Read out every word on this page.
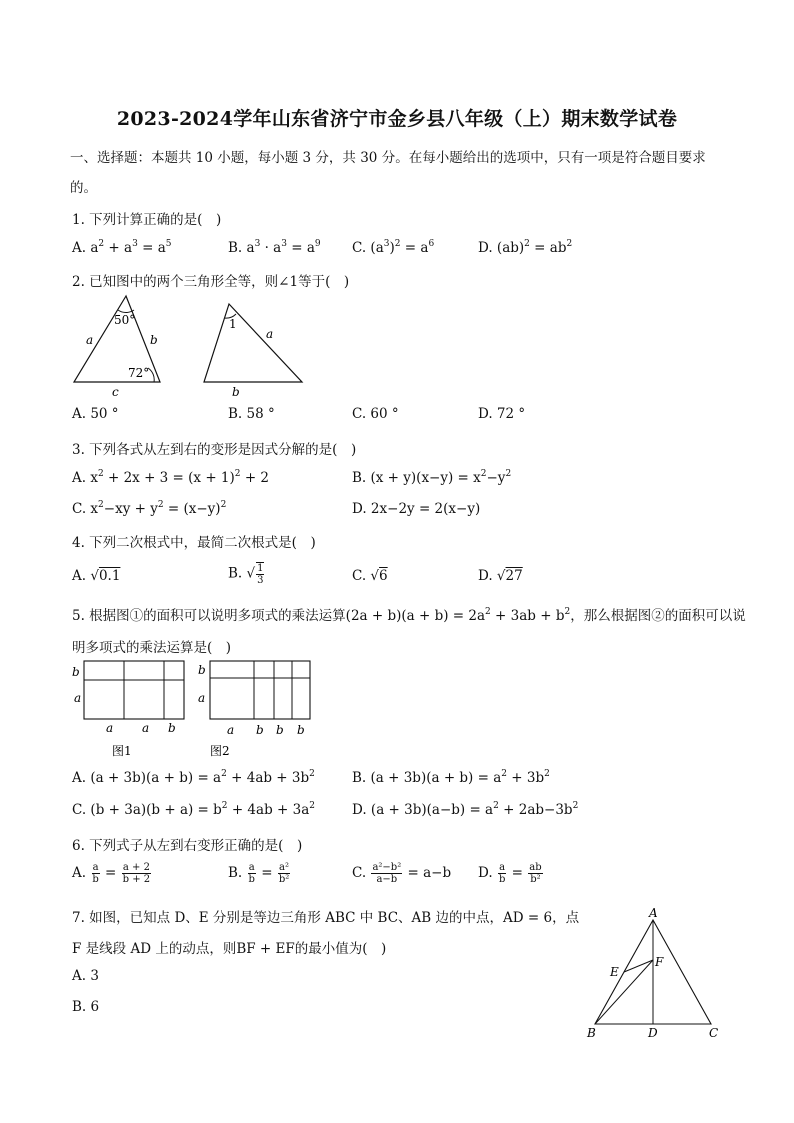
2023-2024学年山东省济宁市金乡县八年级（上）期末数学试卷
一、选择题：本题共 10 小题，每小题 3 分，共 30 分。在每小题给出的选项中，只有一项是符合题目要求
的。
1. 下列计算正确的是(　)
A. $a^2 + a^3 = a^5$	B. $a^3 \cdot a^3 = a^9$ C. $(a^3)^2 = a^6$	D. $(ab)^2 = ab^2$
2. 已知图中的两个三角形全等，则∠1等于(　)
50°
72°
a	b
c
1
a
b
A. 50 °	B. 58 °	C. 60 °	D. 72 °
3. 下列各式从左到右的变形是因式分解的是(　)
A. $x^2 + 2x + 3 = (x + 1)^2 + 2$	B. $(x + y)(x-y) = x^2-y^2$
C. $x^2-xy + y^2 = (x-y)^2$	D. 2x−2y = 2(x−y)
4. 下列二次根式中，最简二次根式是(　)
A. √0.1	B. √ $\frac{1}{3}$	C. √6	D. √27
5. 根据图①的面积可以说明多项式的乘法运算$(2a + b)(a + b) = 2a^2 + 3ab + b^2$，那么根据图②的面积可以说
明多项式的乘法运算是(　)
b
a
a a b
图1
b
a
a b b b
图2
A. $(a + 3b)(a + b) = a^2 + 4ab + 3b^2$	B. $(a + 3b)(a + b) = a^2 + 3b^2$
C. $(b + 3a)(b + a) = b^2 + 4ab + 3a^2$	D. $(a + 3b)(a-b) = a^2 + 2ab-3b^2$
6. 下列式子从左到右变形正确的是(　)
A. $\frac{a}{b} = \frac{a + 2}{b + 2}$	B. $\frac{a}{b} = \frac{\text{a²}}{\text{b²}}$	C. $\frac{\text{a²−b²}}{a-b} = a-b$ D. $\frac{a}{b} = \frac{ab}{\text{b²}}$
7. 如图，已知点 D、E 分别是等边三角形 ABC 中 BC、AB 边的中点，AD = 6，点
F 是线段 AD 上的动点，则BF + EF的最小值为(　)
A. 3
B. 6
A
B	C
D
E
F
